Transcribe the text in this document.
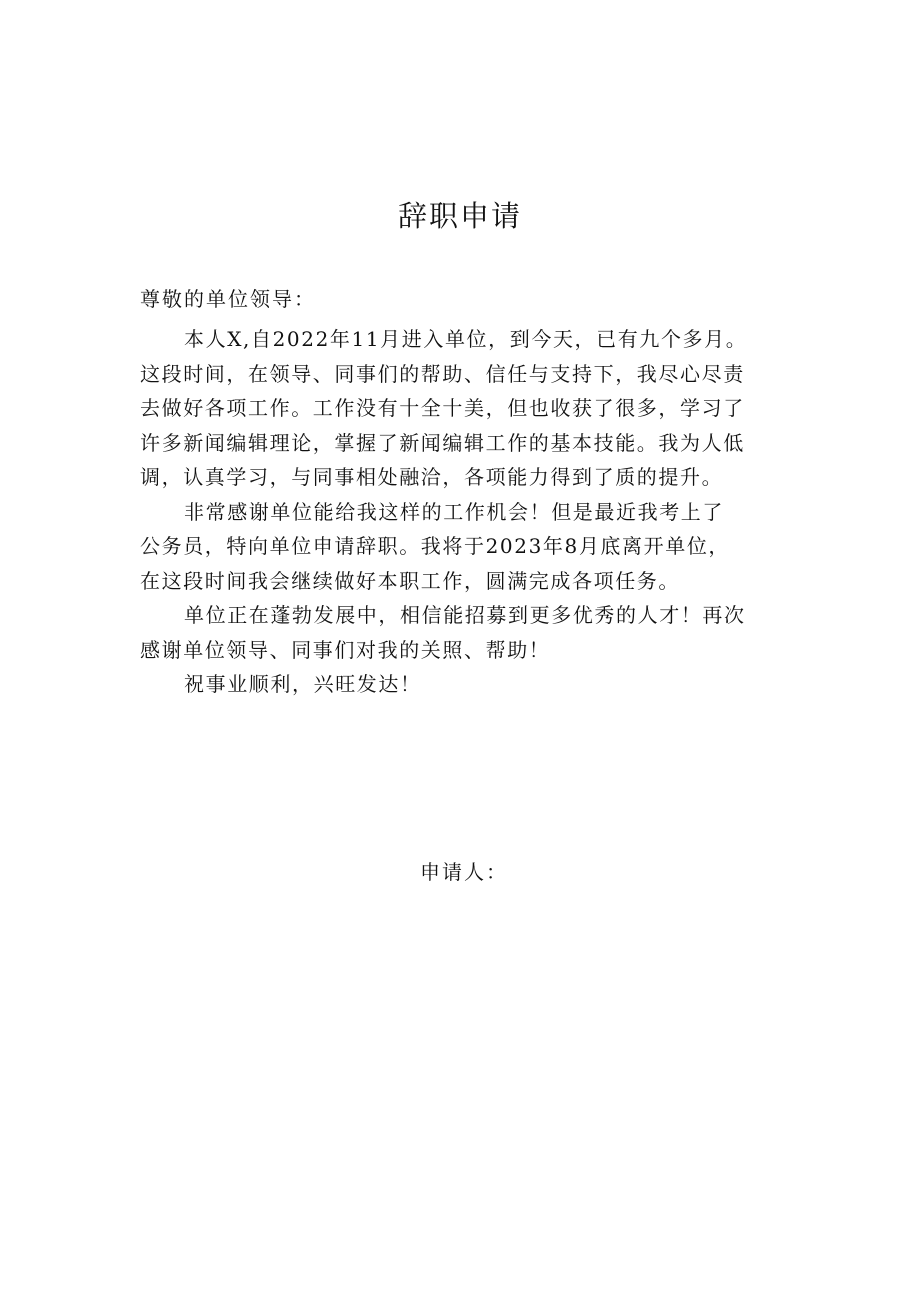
辞职申请
尊敬的单位领导：

本人X,自2022年11月进入单位，到今天，已有九个多月。
这段时间，在领导、同事们的帮助、信任与支持下，我尽心尽责
去做好各项工作。工作没有十全十美，但也收获了很多，学习了
许多新闻编辑理论，掌握了新闻编辑工作的基本技能。我为人低
调，认真学习，与同事相处融洽，各项能力得到了质的提升。

非常感谢单位能给我这样的工作机会！但是最近我考上了
公务员，特向单位申请辞职。我将于2023年8月底离开单位，
在这段时间我会继续做好本职工作，圆满完成各项任务。

单位正在蓬勃发展中，相信能招募到更多优秀的人才！再次
感谢单位领导、同事们对我的关照、帮助！

祝事业顺利，兴旺发达！

申请人：
